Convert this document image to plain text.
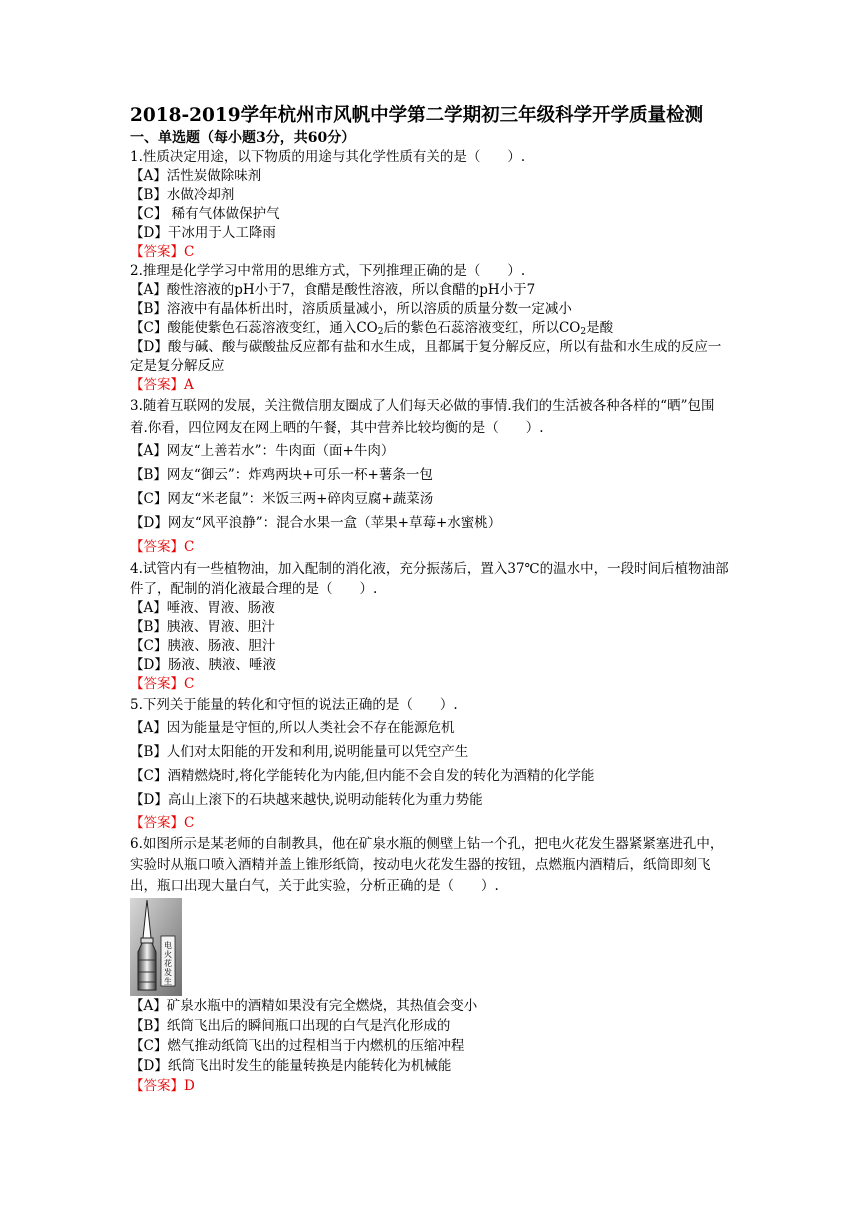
2018-2019学年杭州市风帆中学第二学期初三年级科学开学质量检测

一、单选题（每小题3分，共60分）

1.性质决定用途，以下物质的用途与其化学性质有关的是（　　）.

【A】活性炭做除味剂

【B】水做冷却剂

【C】 稀有气体做保护气

【D】干冰用于人工降雨

【答案】C

2.推理是化学学习中常用的思维方式，下列推理正确的是（　　）.

【A】酸性溶液的pH小于7，食醋是酸性溶液，所以食醋的pH小于7

【B】溶液中有晶体析出时，溶质质量减小，所以溶质的质量分数一定减小

【C】酸能使紫色石蕊溶液变红，通入$CO_2$后的紫色石蕊溶液变红，所以$CO_2$是酸

【D】酸与碱、酸与碳酸盐反应都有盐和水生成，且都属于复分解反应，所以有盐和水生成的反应一定是复分解反应

【答案】A

3.随着互联网的发展，关注微信朋友圈成了人们每天必做的事情.我们的生活被各种各样的“晒”包围着.你看，四位网友在网上晒的午餐，其中营养比较均衡的是（　　）.

【A】网友“上善若水”：牛肉面（面+牛肉）

【B】网友“御云”：炸鸡两块+可乐一杯+薯条一包

【C】网友“米老鼠”：米饭三两+碎肉豆腐+蔬菜汤

【D】网友“风平浪静”：混合水果一盒（苹果+草莓+水蜜桃）

【答案】C

4.试管内有一些植物油，加入配制的消化液，充分振荡后，置入37℃的温水中，一段时间后植物油部件了，配制的消化液最合理的是（　　）.

【A】唾液、胃液、肠液

【B】胰液、胃液、胆汁

【C】胰液、肠液、胆汁

【D】肠液、胰液、唾液

【答案】C

5.下列关于能量的转化和守恒的说法正确的是（　　）.

【A】因为能量是守恒的,所以人类社会不存在能源危机

【B】人们对太阳能的开发和利用,说明能量可以凭空产生

【C】酒精燃烧时,将化学能转化为内能,但内能不会自发的转化为酒精的化学能

【D】高山上滚下的石块越来越快,说明动能转化为重力势能

【答案】C

6.如图所示是某老师的自制教具，他在矿泉水瓶的侧壁上钻一个孔，把电火花发生器紧紧塞进孔中，实验时从瓶口喷入酒精并盖上锥形纸筒，按动电火花发生器的按钮，点燃瓶内酒精后，纸筒即刻飞出，瓶口出现大量白气，关于此实验，分析正确的是（　　）.

电
火
花
发
生

【A】矿泉水瓶中的酒精如果没有完全燃烧，其热值会变小

【B】纸筒飞出后的瞬间瓶口出现的白气是汽化形成的

【C】燃气推动纸筒飞出的过程相当于内燃机的压缩冲程

【D】纸筒飞出时发生的能量转换是内能转化为机械能

【答案】D
